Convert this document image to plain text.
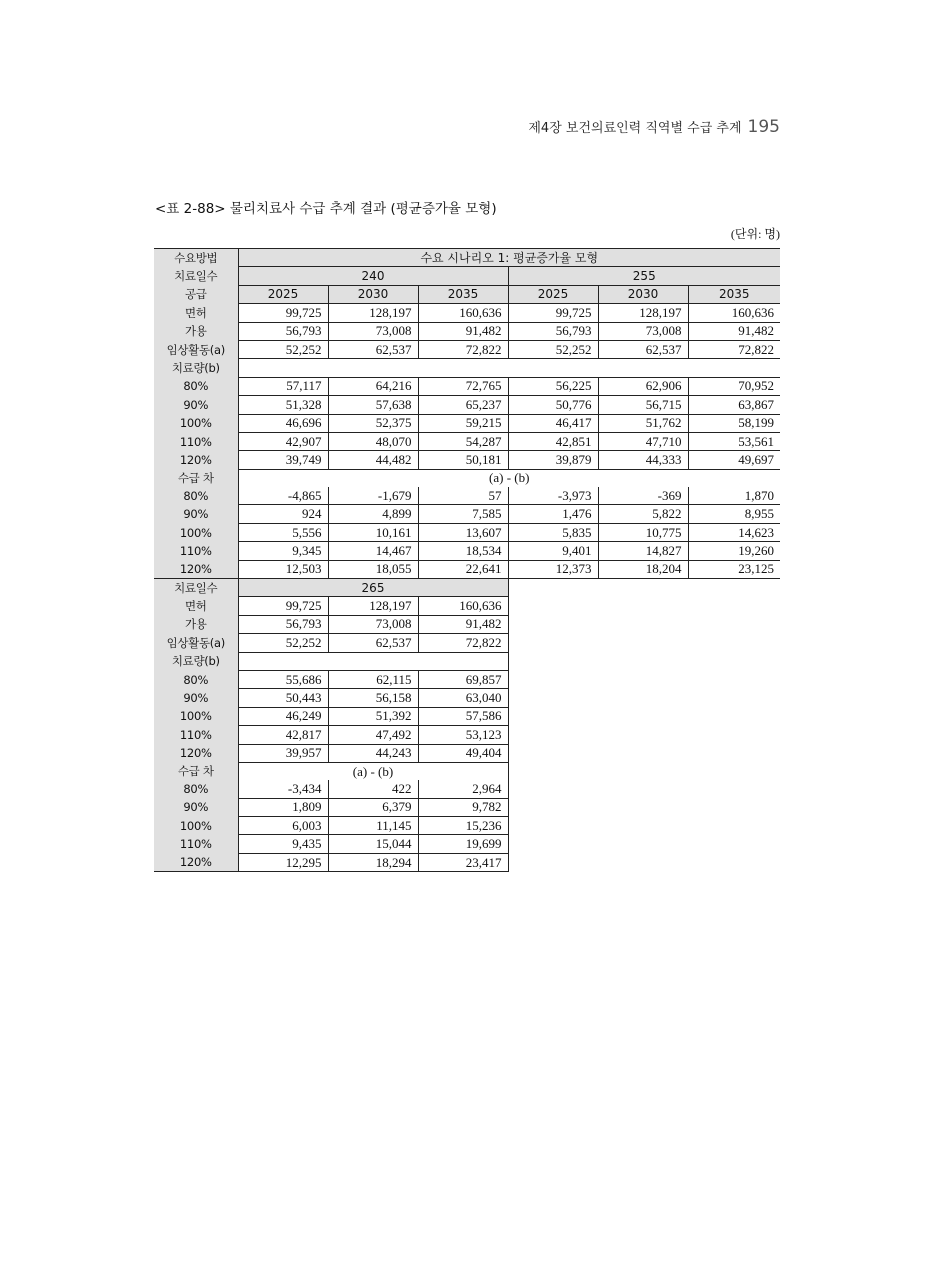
제4장 보건의료인력 직역별 수급 추계 195
<표 2-88> 물리치료사 수급 추계 결과 (평균증가율 모형)
(단위: 명)
수요방법	수요 시나리오 1: 평균증가율 모형					
치료일수	240			255		
공급	2025	2030	2035	2025	2030	2035
면허	99,725	128,197	160,636	99,725	128,197	160,636
가용	56,793	73,008	91,482	56,793	73,008	91,482
임상활동(a)	52,252	62,537	72,822	52,252	62,537	72,822
치료량(b)						
80%	57,117	64,216	72,765	56,225	62,906	70,952
90%	51,328	57,638	65,237	50,776	56,715	63,867
100%	46,696	52,375	59,215	46,417	51,762	58,199
110%	42,907	48,070	54,287	42,851	47,710	53,561
120%	39,749	44,482	50,181	39,879	44,333	49,697
수급 차	(a) - (b)					
80%	-4,865	-1,679	57	-3,973	-369	1,870
90%	924	4,899	7,585	1,476	5,822	8,955
100%	5,556	10,161	13,607	5,835	10,775	14,623
110%	9,345	14,467	18,534	9,401	14,827	19,260
120%	12,503	18,055	22,641	12,373	18,204	23,125
치료일수	265		
면허	99,725	128,197	160,636
가용	56,793	73,008	91,482
임상활동(a)	52,252	62,537	72,822
치료량(b)			
80%	55,686	62,115	69,857
90%	50,443	56,158	63,040
100%	46,249	51,392	57,586
110%	42,817	47,492	53,123
120%	39,957	44,243	49,404
수급 차	(a) - (b)		
80%	-3,434	422	2,964
90%	1,809	6,379	9,782
100%	6,003	11,145	15,236
110%	9,435	15,044	19,699
120%	12,295	18,294	23,417
